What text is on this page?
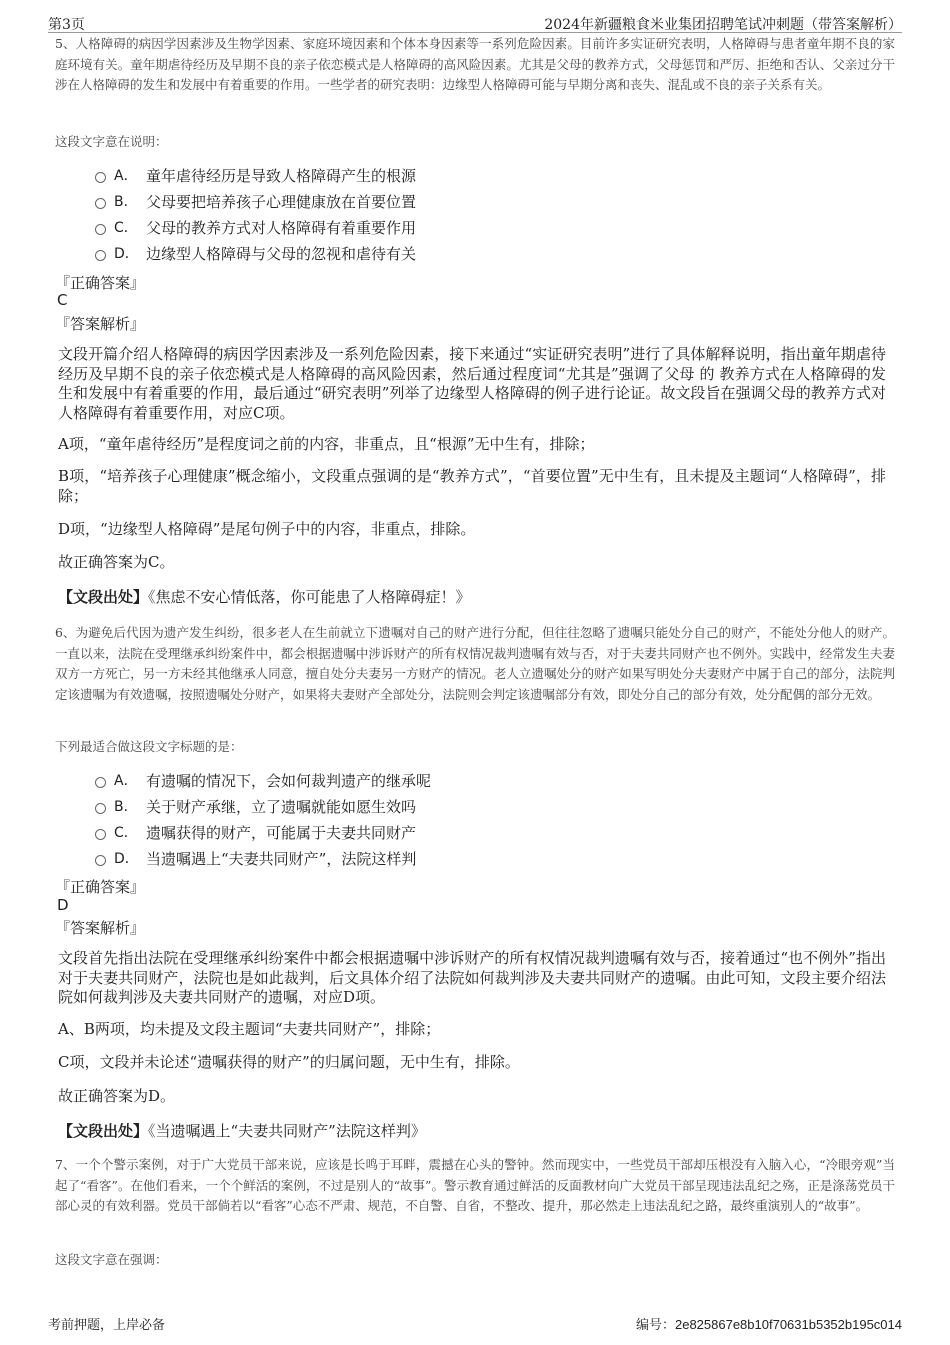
第3页	2024年新疆粮食米业集团招聘笔试冲刺题（带答案解析）
5、人格障碍的病因学因素涉及生物学因素、家庭环境因素和个体本身因素等一系列危险因素。目前许多实证研究表明，人格障碍与患者童年期不良的家庭环境有关。童年期虐待经历及早期不良的亲子依恋模式是人格障碍的高风险因素。尤其是父母的教养方式，父母惩罚和严厉、拒绝和否认、父亲过分干涉在人格障碍的发生和发展中有着重要的作用。一些学者的研究表明：边缘型人格障碍可能与早期分离和丧失、混乱或不良的亲子关系有关。
这段文字意在说明：
A． 童年虐待经历是导致人格障碍产生的根源
B． 父母要把培养孩子心理健康放在首要位置
C． 父母的教养方式对人格障碍有着重要作用
D． 边缘型人格障碍与父母的忽视和虐待有关
『正确答案』
C
『答案解析』
文段开篇介绍人格障碍的病因学因素涉及一系列危险因素，接下来通过“实证研究表明”进行了具体解释说明，指出童年期虐待经历及早期不良的亲子依恋模式是人格障碍的高风险因素，然后通过程度词“尤其是”强调了父母 的 教养方式在人格障碍的发生和发展中有着重要的作用，最后通过“研究表明”列举了边缘型人格障碍的例子进行论证。故文段旨在强调父母的教养方式对人格障碍有着重要作用，对应C项。
A项，“童年虐待经历”是程度词之前的内容，非重点，且“根源”无中生有，排除；
B项，“培养孩子心理健康”概念缩小，文段重点强调的是“教养方式”，“首要位置”无中生有，且未提及主题词“人格障碍”，排除；
D项，“边缘型人格障碍”是尾句例子中的内容，非重点，排除。
故正确答案为C。
【文段出处】《焦虑不安心情低落，你可能患了人格障碍症！》
6、为避免后代因为遗产发生纠纷，很多老人在生前就立下遗嘱对自己的财产进行分配，但往往忽略了遗嘱只能处分自己的财产，不能处分他人的财产。一直以来，法院在受理继承纠纷案件中，都会根据遗嘱中涉诉财产的所有权情况裁判遗嘱有效与否，对于夫妻共同财产也不例外。实践中，经常发生夫妻双方一方死亡，另一方未经其他继承人同意，擅自处分夫妻另一方财产的情况。老人立遗嘱处分的财产如果写明处分夫妻财产中属于自己的部分，法院判定该遗嘱为有效遗嘱，按照遗嘱处分财产，如果将夫妻财产全部处分，法院则会判定该遗嘱部分有效，即处分自己的部分有效，处分配偶的部分无效。
下列最适合做这段文字标题的是：
A． 有遗嘱的情况下，会如何裁判遗产的继承呢
B． 关于财产承继，立了遗嘱就能如愿生效吗
C． 遗嘱获得的财产，可能属于夫妻共同财产
D． 当遗嘱遇上“夫妻共同财产”，法院这样判
『正确答案』
D
『答案解析』
文段首先指出法院在受理继承纠纷案件中都会根据遗嘱中涉诉财产的所有权情况裁判遗嘱有效与否，接着通过“也不例外”指出对于夫妻共同财产，法院也是如此裁判，后文具体介绍了法院如何裁判涉及夫妻共同财产的遗嘱。由此可知，文段主要介绍法院如何裁判涉及夫妻共同财产的遗嘱，对应D项。
A、B两项，均未提及文段主题词“夫妻共同财产”，排除；
C项，文段并未论述“遗嘱获得的财产”的归属问题，无中生有，排除。
故正确答案为D。
【文段出处】《当遗嘱遇上“夫妻共同财产”法院这样判》
7、一个个警示案例，对于广大党员干部来说，应该是长鸣于耳畔，震撼在心头的警钟。然而现实中，一些党员干部却压根没有入脑入心，“冷眼旁观”当起了“看客”。在他们看来，一个个鲜活的案例，不过是别人的“故事”。警示教育通过鲜活的反面教材向广大党员干部呈现违法乱纪之殇，正是涤荡党员干部心灵的有效利器。党员干部倘若以“看客”心态不严肃、规范，不自警、自省，不整改、提升，那必然走上违法乱纪之路，最终重演别人的“故事”。
这段文字意在强调：
考前押题，上岸必备	编号：2e825867e8b10f70631b5352b195c014
